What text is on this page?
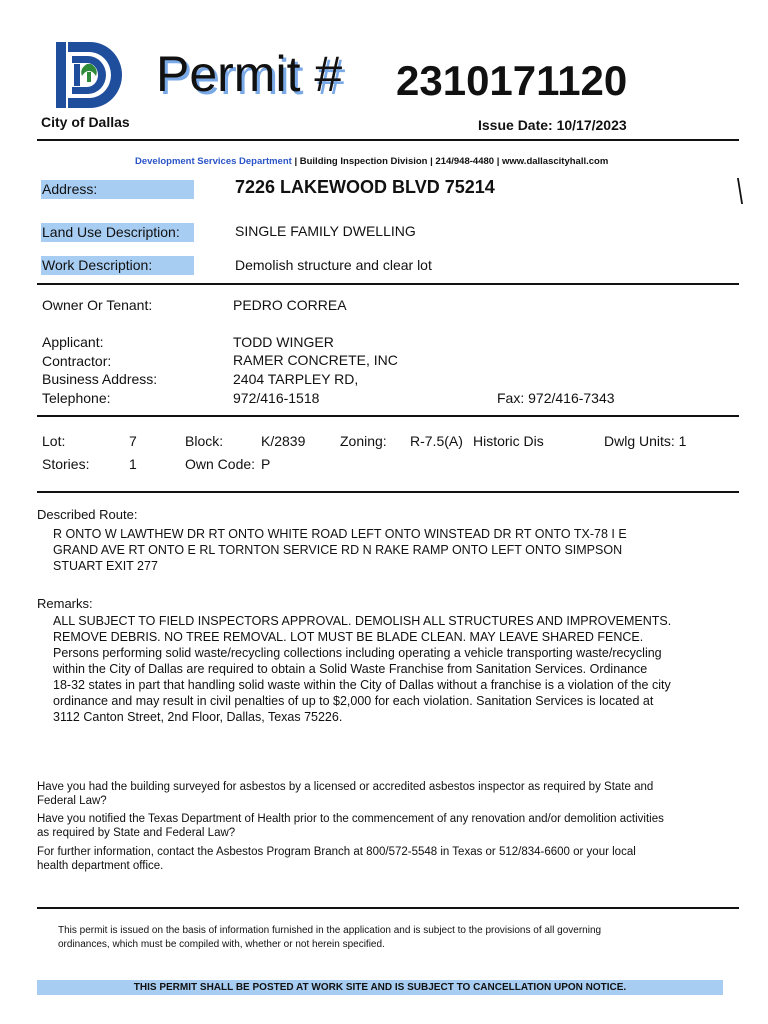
City of Dallas
Permit # 2310171120
Issue Date: 10/17/2023
Development Services Department | Building Inspection Division | 214/948-4480 | www.dallascityhall.com
Address:	7226 LAKEWOOD BLVD 75214
Land Use Description:	SINGLE FAMILY DWELLING
Work Description:	Demolish structure and clear lot
Owner Or Tenant:	PEDRO CORREA
Applicant:	TODD WINGER
Contractor:	RAMER CONCRETE, INC
Business Address:	2404 TARPLEY RD,
Telephone:	972/416-1518	Fax: 972/416-7343
Lot:	7	Block:	K/2839 Zoning: R-7.5(A) Historic Dis	Dwlg Units: 1
Stories:	1	Own Code: P
Described Route:
R ONTO W LAWTHEW DR RT ONTO WHITE ROAD LEFT ONTO WINSTEAD DR RT ONTO TX-78 I E
GRAND AVE RT ONTO E RL TORNTON SERVICE RD N RAKE RAMP ONTO LEFT ONTO SIMPSON
STUART EXIT 277
Remarks:
ALL SUBJECT TO FIELD INSPECTORS APPROVAL. DEMOLISH ALL STRUCTURES AND IMPROVEMENTS.
REMOVE DEBRIS. NO TREE REMOVAL. LOT MUST BE BLADE CLEAN. MAY LEAVE SHARED FENCE.
Persons performing solid waste/recycling collections including operating a vehicle transporting waste/recycling
within the City of Dallas are required to obtain a Solid Waste Franchise from Sanitation Services. Ordinance
18-32 states in part that handling solid waste within the City of Dallas without a franchise is a violation of the city
ordinance and may result in civil penalties of up to $2,000 for each violation. Sanitation Services is located at
3112 Canton Street, 2nd Floor, Dallas, Texas 75226.
Have you had the building surveyed for asbestos by a licensed or accredited asbestos inspector as required by State and
Federal Law?
Have you notified the Texas Department of Health prior to the commencement of any renovation and/or demolition activities
as required by State and Federal Law?
For further information, contact the Asbestos Program Branch at 800/572-5548 in Texas or 512/834-6600 or your local
health department office.
This permit is issued on the basis of information furnished in the application and is subject to the provisions of all governing
ordinances, which must be compiled with, whether or not herein specified.
THIS PERMIT SHALL BE POSTED AT WORK SITE AND IS SUBJECT TO CANCELLATION UPON NOTICE.
